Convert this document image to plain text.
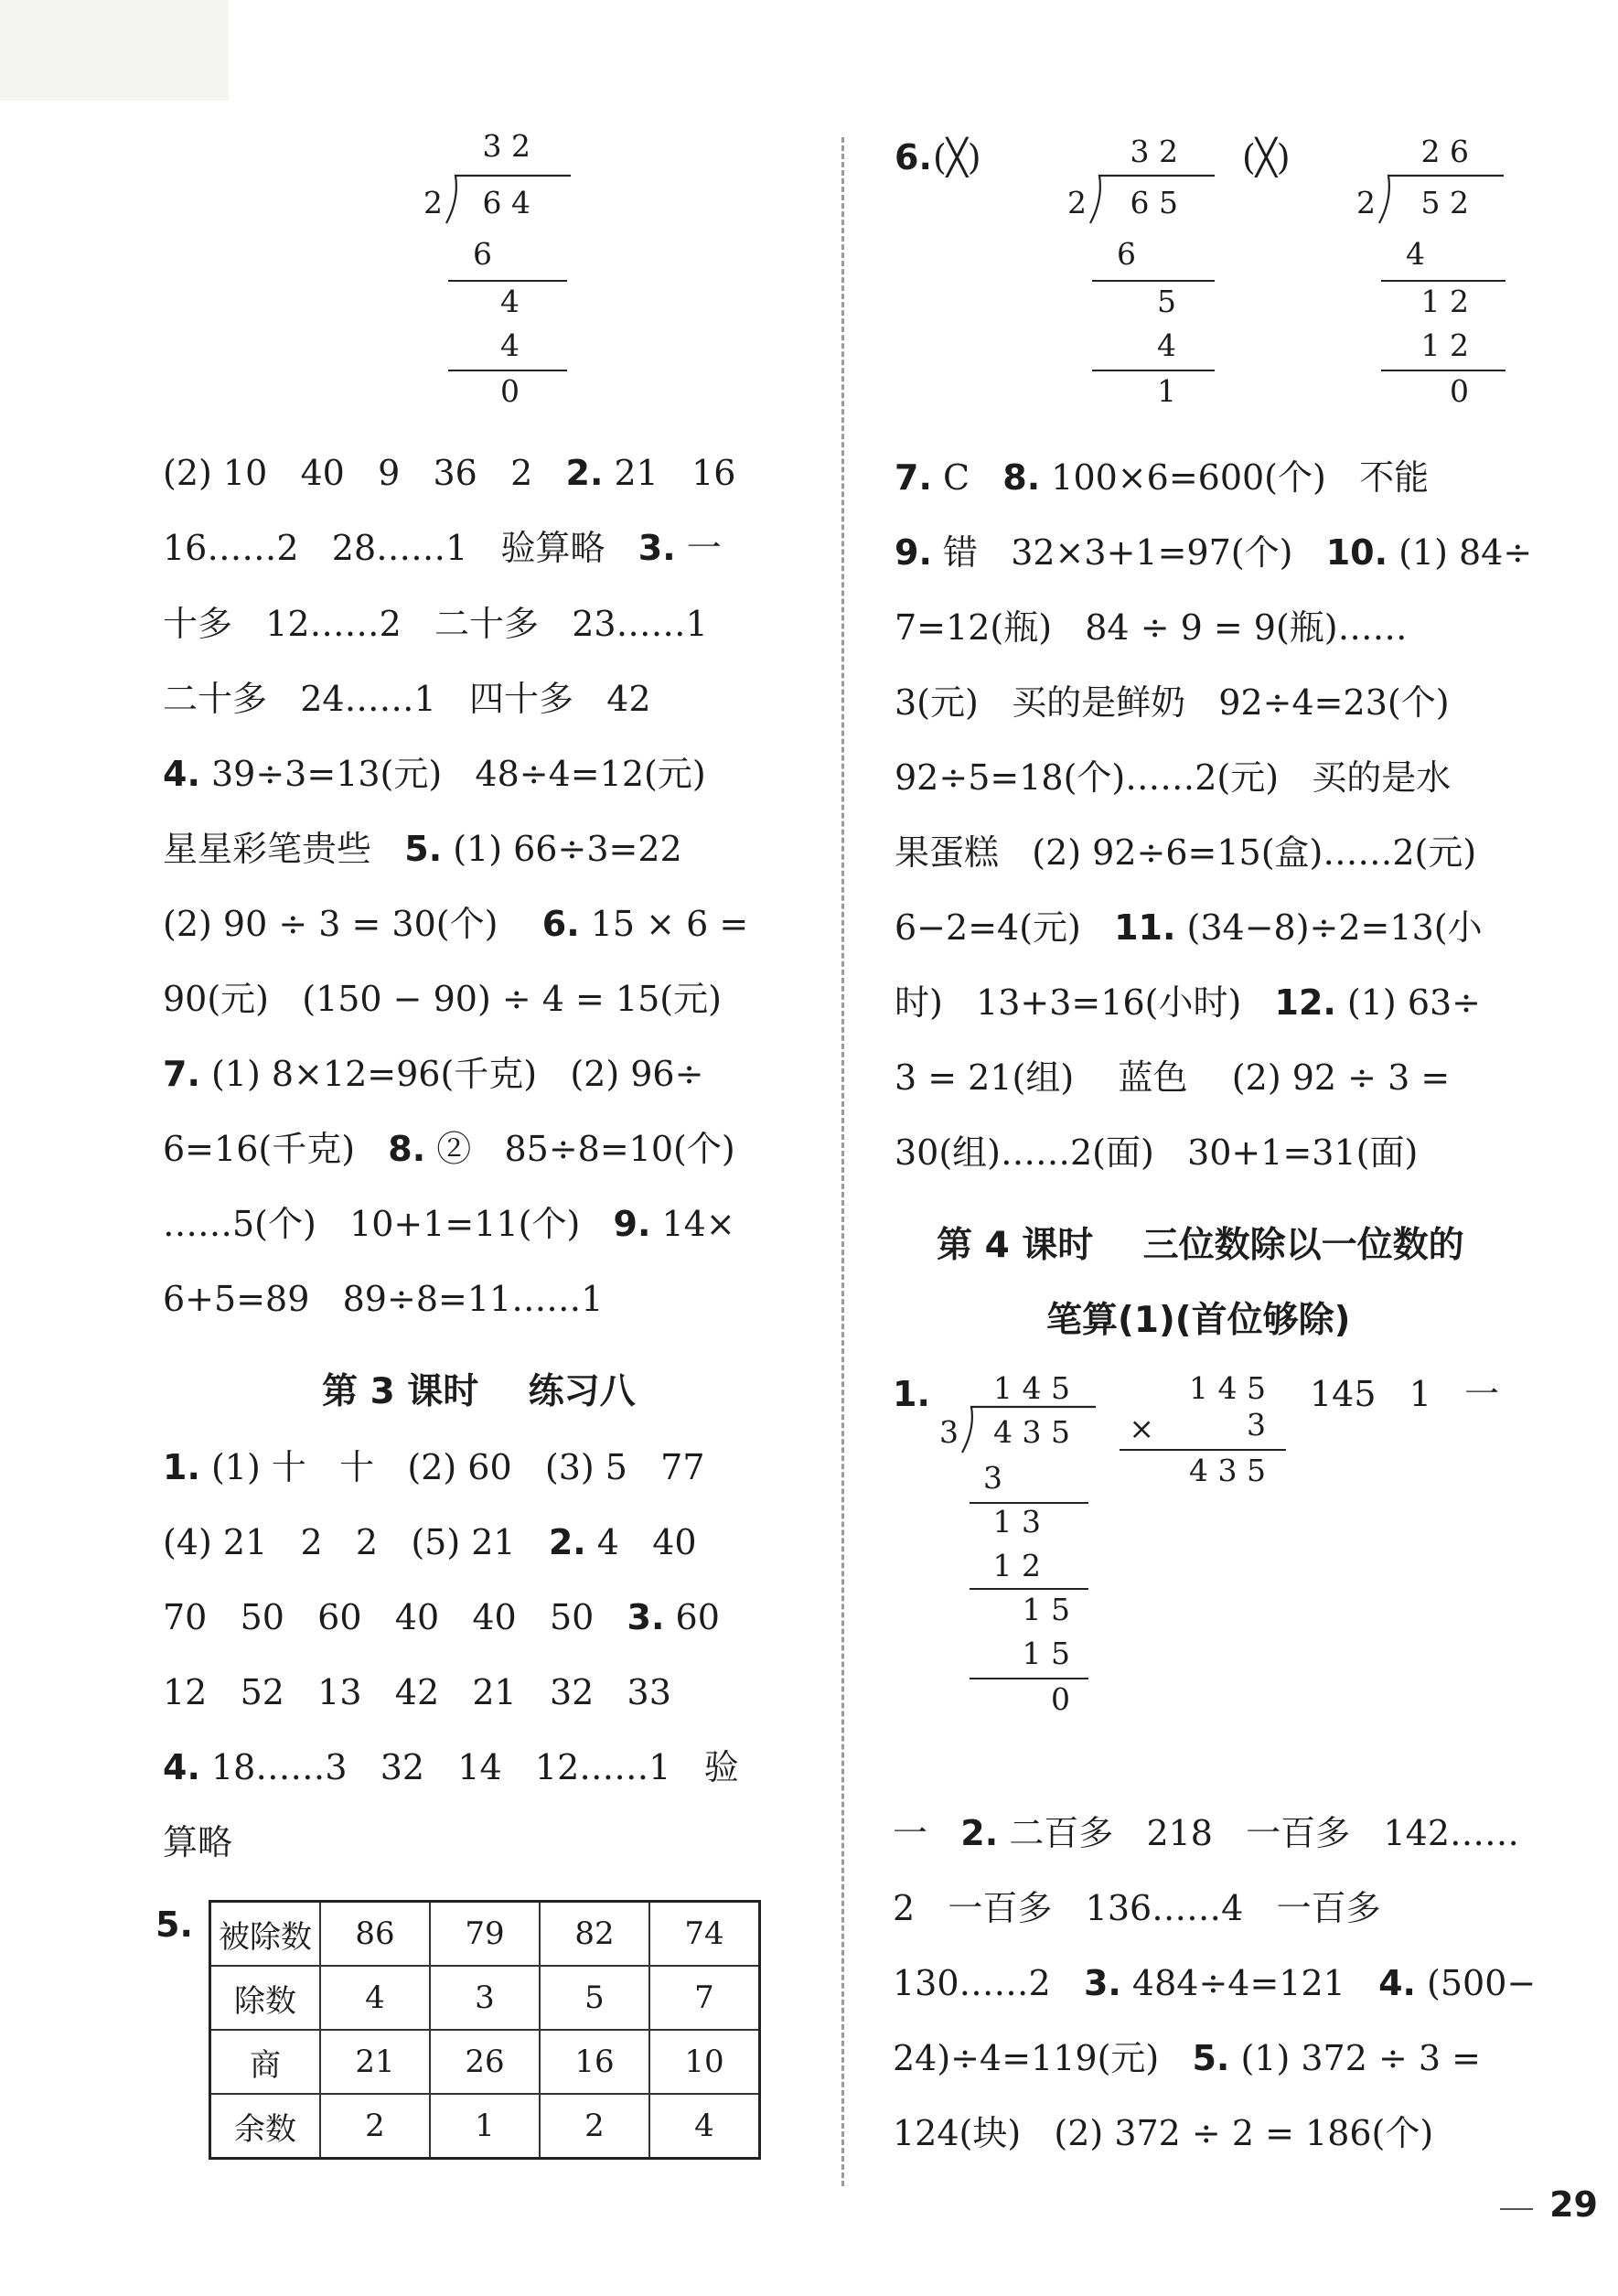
3 2
2	6 4
6
4
4
0
(2) 10   40   9   36   2   2. 21   16
16……2   28……1   验算略   3. 一
十多   12……2   二十多   23……1
二十多   24……1   四十多   42
4. 39÷3=13(元)   48÷4=12(元)
星星彩笔贵些   5. (1) 66÷3=22
(2) 90 ÷ 3 = 30(个)    6. 15 × 6 =
90(元)   (150 − 90) ÷ 4 = 15(元)
7. (1) 8×12=96(千克)   (2) 96÷
6=16(千克)   8. ②   85÷8=10(个)
……5(个)   10+1=11(个)   9. 14×
6+5=89   89÷8=11……1
第 3 课时    练习八
1. (1) 十   十   (2) 60   (3) 5   77
(4) 21   2   2   (5) 21   2. 4   40
70   50   60   40   40   50   3. 60
12   52   13   42   21   32   33
4. 18……3   32   14   12……1   验
算略
5. 被除数	86	79	82	74
除数	4	3	5	7
商	21	26	16	10
余数	2	1	2	4
6. (╳)	(╳)
3 2
2	6 5
6
5
4
1
2 6
2	5 2
4
1 2
1 2
0
7. C   8. 100×6=600(个)   不能
9. 错   32×3+1=97(个)   10. (1) 84÷
7=12(瓶)   84 ÷ 9 = 9(瓶)……
3(元)   买的是鲜奶   92÷4=23(个)
92÷5=18(个)……2(元)   买的是水
果蛋糕   (2) 92÷6=15(盒)……2(元)
6−2=4(元)   11. (34−8)÷2=13(小
时)   13+3=16(小时)   12. (1) 63÷
3 = 21(组)    蓝色    (2) 92 ÷ 3 =
30(组)……2(面)   30+1=31(面)
第 4 课时    三位数除以一位数的
笔算(1)(首位够除)
1.	1 4 5
3	4 3 5
3
1 3
1 2
1 5
1 5
0
1 4 5
×	3
4 3 5
145   1   一
一   2. 二百多   218   一百多   142……
2   一百多   136……4   一百多
130……2   3. 484÷4=121   4. (500−
24)÷4=119(元)   5. (1) 372 ÷ 3 =
124(块)   (2) 372 ÷ 2 = 186(个)
29
